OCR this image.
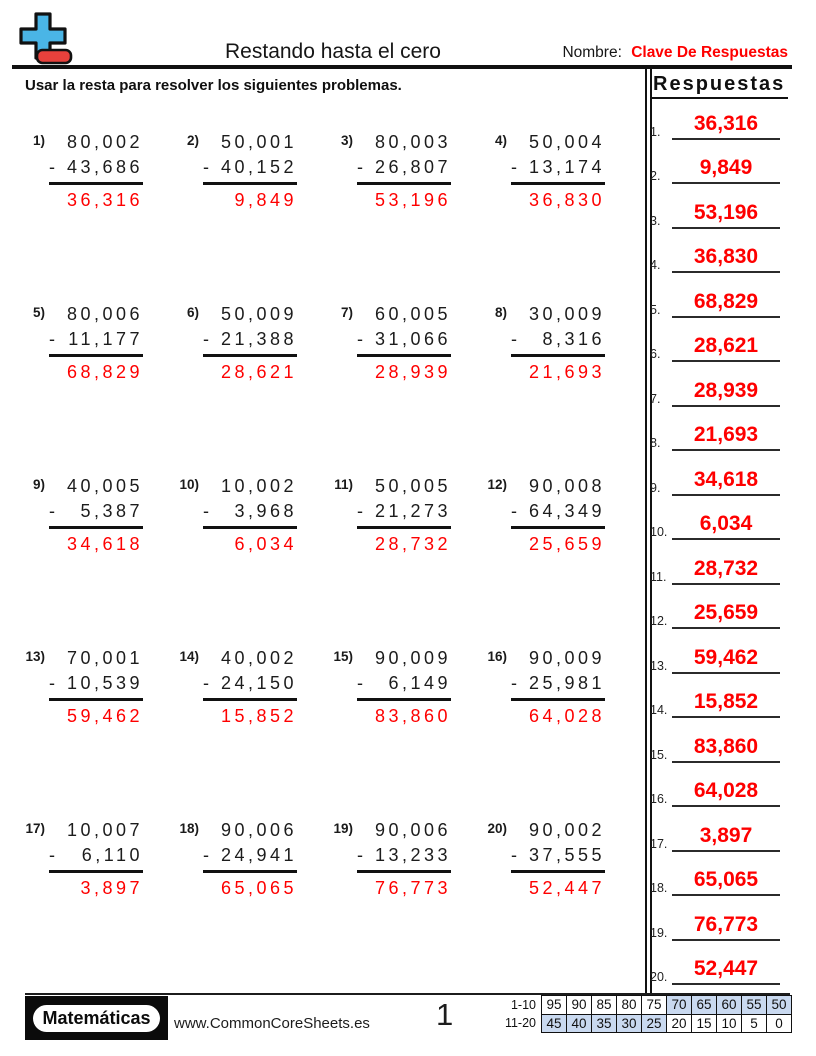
Restando hasta el cero	Nombre: Clave De Respuestas
Usar la resta para resolver los siguientes problemas.
1)	80,002
- 43,686
36,316
2)	50,001
- 40,152
9,849
3)	80,003
- 26,807
53,196
4)	50,004
- 13,174
36,830
5)	80,006
- 11,177
68,829
6)	50,009
- 21,388
28,621
7)	60,005
- 31,066
28,939
8)	30,009
- 8,316
21,693
9)	40,005
- 5,387
34,618
10)	10,002
- 3,968
6,034
11)	50,005
- 21,273
28,732
12)	90,008
- 64,349
25,659
13)	70,001
- 10,539
59,462
14)	40,002
- 24,150
15,852
15)	90,009
- 6,149
83,860
16)	90,009
- 25,981
64,028
17)	10,007
- 6,110
3,897
18)	90,006
- 24,941
65,065
19)	90,006
- 13,233
76,773
20)	90,002
- 37,555
52,447
Respuestas
1.	36,316
2.	9,849
3.	53,196
4.	36,830
5.	68,829
6.	28,621
7.	28,939
8.	21,693
9.	34,618
10.	6,034
11.	28,732
12.	25,659
13.	59,462
14.	15,852
15.	83,860
16.	64,028
17.	3,897
18.	65,065
19.	76,773
20.	52,447
Matemáticas	www.CommonCoreSheets.es 1	1-10	95	90	85	80	75	70	65	60	55	50
11-20	45	40	35	30	25	20	15	10	5	0
